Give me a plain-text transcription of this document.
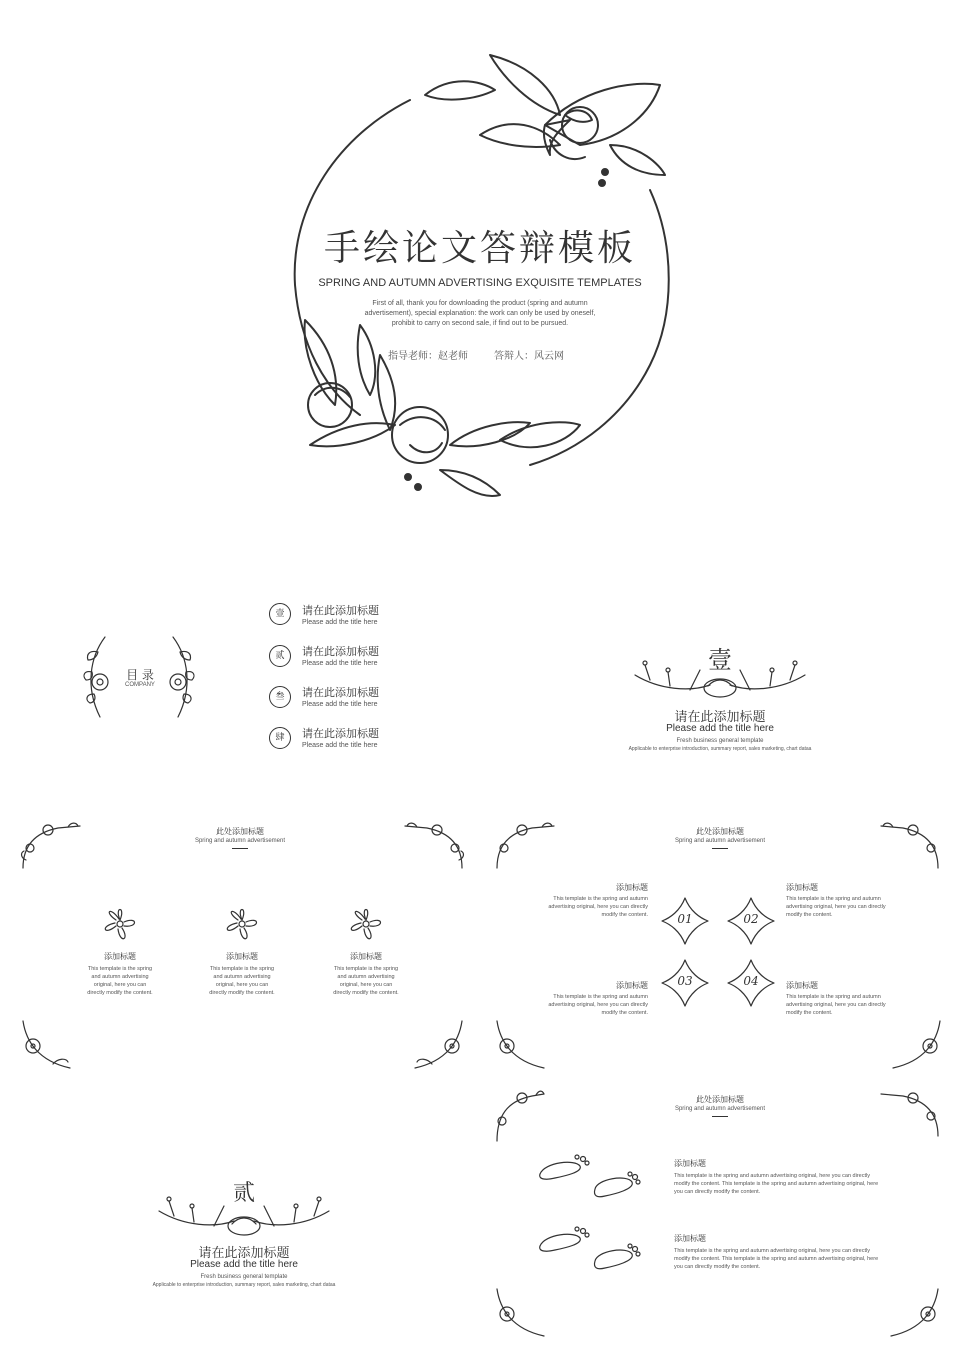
手绘论文答辩模板
SPRING AND AUTUMN ADVERTISING EXQUISITE TEMPLATES
First of all, thank you for downloading the product (spring and autumn
advertisement), special explanation: the work can only be used by oneself,
prohibit to carry on second sale, if find out to be pursued.
指导老师：赵老师	答辩人：风云网
目 录
COMPANY
壹	请在此添加标题
Please add the title here
贰	请在此添加标题
Please add the title here
叁	请在此添加标题
Please add the title here
肆	请在此添加标题
Please add the title here
壹
请在此添加标题
Please add the title here
Fresh business general template
Applicable to enterprise introduction, summary report, sales marketing, chart dataa
此处添加标题
Spring and autumn advertisement
添加标题
This template is the spring
and autumn advertising
original, here you can
directly modify the content.
添加标题
This template is the spring
and autumn advertising
original, here you can
directly modify the content.
添加标题
This template is the spring
and autumn advertising
original, here you can
directly modify the content.
此处添加标题
Spring and autumn advertisement
01	02
03	04
添加标题
This template is the spring and autumn
advertising original, here you can directly
modify the content.
添加标题
This template is the spring and autumn
advertising original, here you can directly
modify the content.
添加标题
This template is the spring and autumn
advertising original, here you can directly
modify the content.
添加标题
This template is the spring and autumn
advertising original, here you can directly
modify the content.
贰
请在此添加标题
Please add the title here
Fresh business general template
Applicable to enterprise introduction, summary report, sales marketing, chart dataa
此处添加标题
Spring and autumn advertisement
添加标题
This template is the spring and autumn advertising original, here you can directly
modify the content. This template is the spring and autumn advertising original, here
you can directly modify the content.
添加标题
This template is the spring and autumn advertising original, here you can directly
modify the content. This template is the spring and autumn advertising original, here
you can directly modify the content.
